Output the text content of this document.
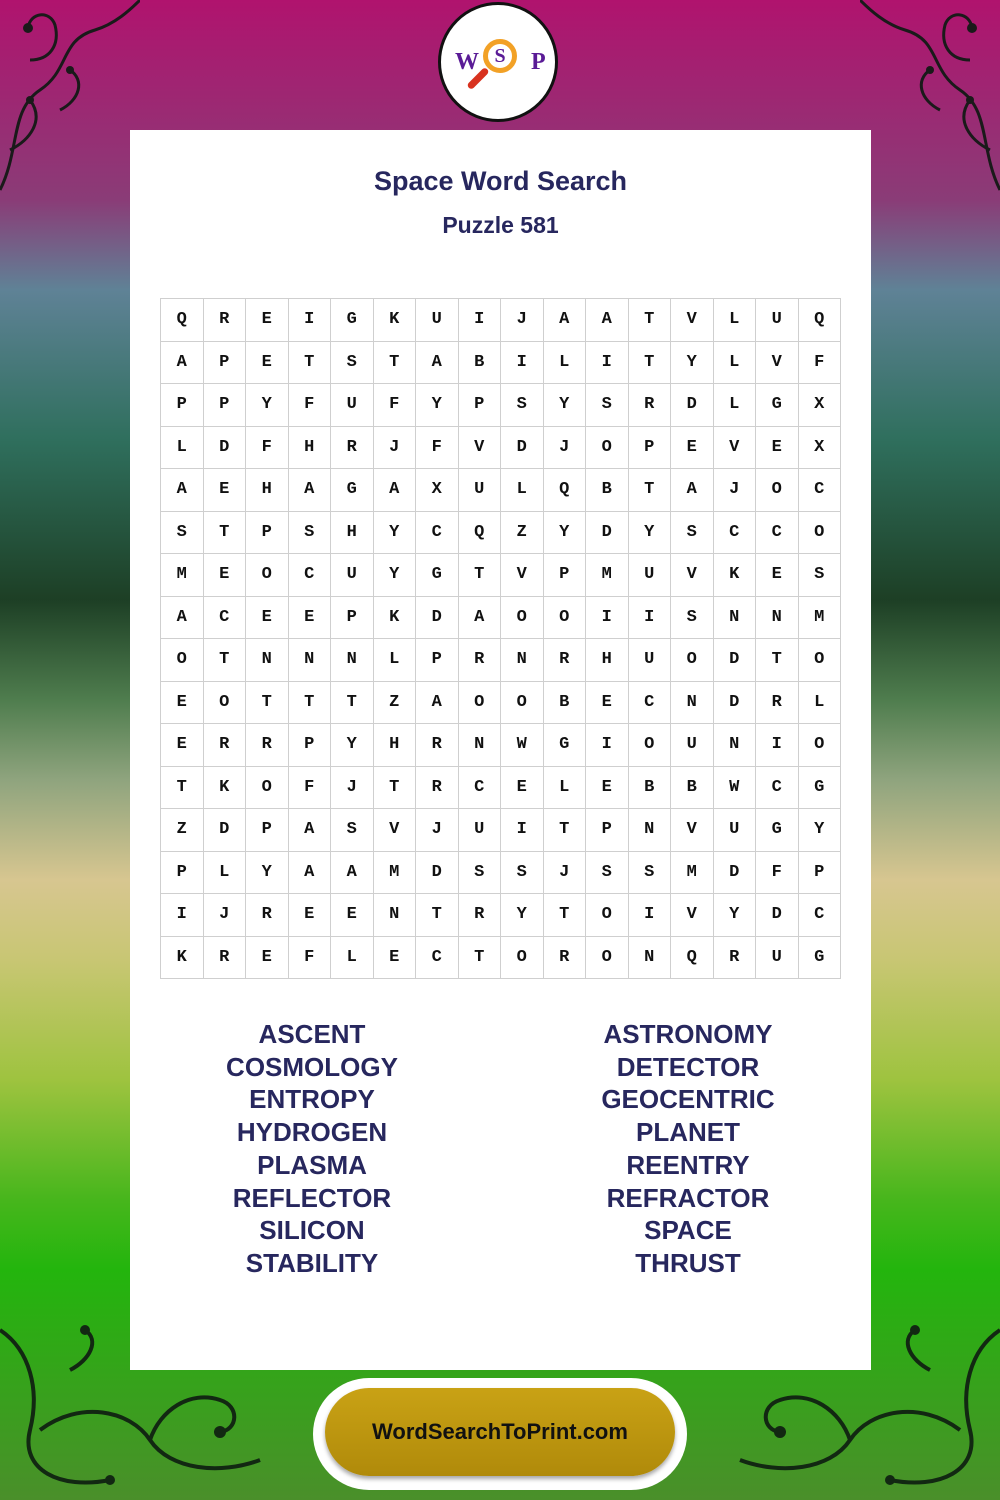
W S P
Space Word Search
Puzzle 581
Q	R	E	I	G	K	U	I	J	A	A	T	V	L	U	Q
A	P	E	T	S	T	A	B	I	L	I	T	Y	L	V	F
P	P	Y	F	U	F	Y	P	S	Y	S	R	D	L	G	X
L	D	F	H	R	J	F	V	D	J	O	P	E	V	E	X
A	E	H	A	G	A	X	U	L	Q	B	T	A	J	O	C
S	T	P	S	H	Y	C	Q	Z	Y	D	Y	S	C	C	O
M	E	O	C	U	Y	G	T	V	P	M	U	V	K	E	S
A	C	E	E	P	K	D	A	O	O	I	I	S	N	N	M
O	T	N	N	N	L	P	R	N	R	H	U	O	D	T	O
E	O	T	T	T	Z	A	O	O	B	E	C	N	D	R	L
E	R	R	P	Y	H	R	N	W	G	I	O	U	N	I	O
T	K	O	F	J	T	R	C	E	L	E	B	B	W	C	G
Z	D	P	A	S	V	J	U	I	T	P	N	V	U	G	Y
P	L	Y	A	A	M	D	S	S	J	S	S	M	D	F	P
I	J	R	E	E	N	T	R	Y	T	O	I	V	Y	D	C
K	R	E	F	L	E	C	T	O	R	O	N	Q	R	U	G
ASCENT
COSMOLOGY
ENTROPY
HYDROGEN
PLASMA
REFLECTOR
SILICON
STABILITY
ASTRONOMY
DETECTOR
GEOCENTRIC
PLANET
REENTRY
REFRACTOR
SPACE
THRUST
WordSearchToPrint.com
